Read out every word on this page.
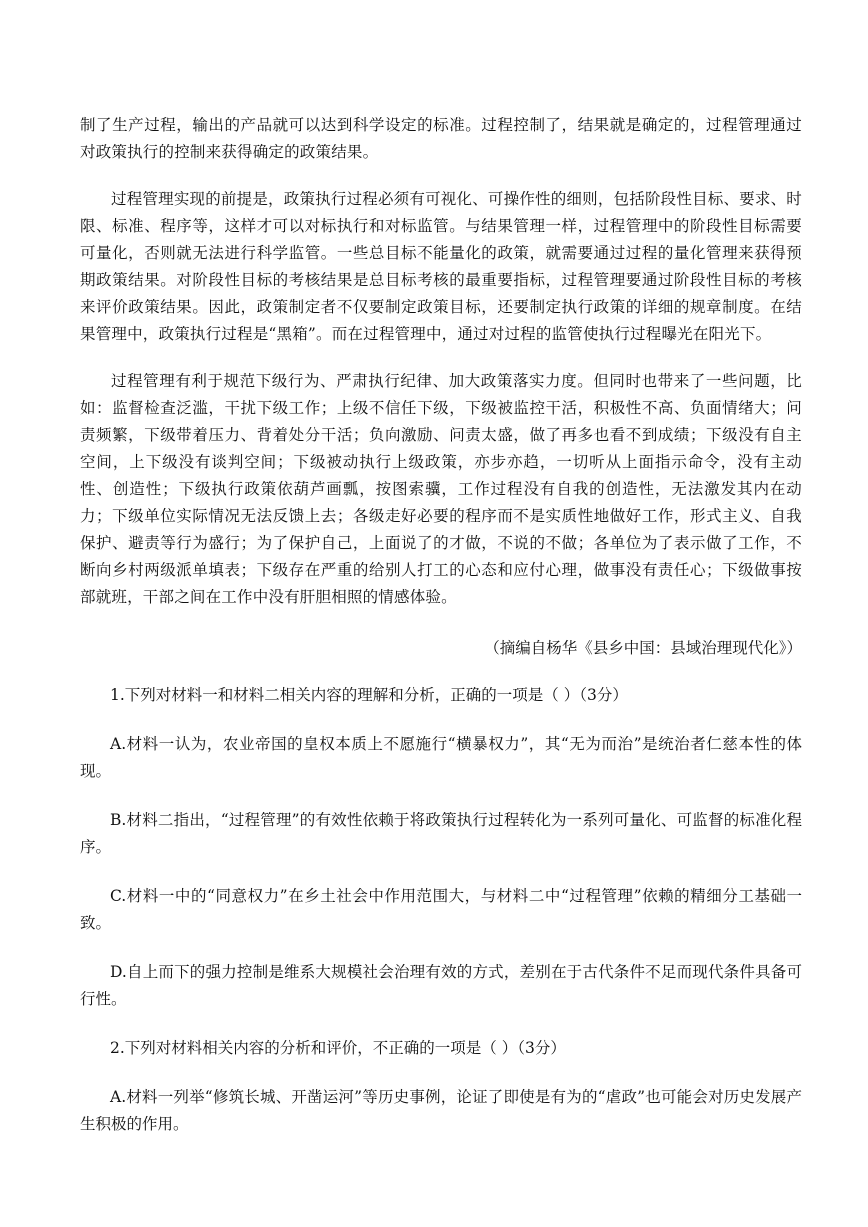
制了生产过程，输出的产品就可以达到科学设定的标准。过程控制了，结果就是确定的，过程管理通过对政策执行的控制来获得确定的政策结果。

过程管理实现的前提是，政策执行过程必须有可视化、可操作性的细则，包括阶段性目标、要求、时限、标准、程序等，这样才可以对标执行和对标监管。与结果管理一样，过程管理中的阶段性目标需要可量化，否则就无法进行科学监管。一些总目标不能量化的政策，就需要通过过程的量化管理来获得预期政策结果。对阶段性目标的考核结果是总目标考核的最重要指标，过程管理要通过阶段性目标的考核来评价政策结果。因此，政策制定者不仅要制定政策目标，还要制定执行政策的详细的规章制度。在结果管理中，政策执行过程是“黑箱”。而在过程管理中，通过对过程的监管使执行过程曝光在阳光下。

过程管理有利于规范下级行为、严肃执行纪律、加大政策落实力度。但同时也带来了一些问题，比如：监督检查泛滥，干扰下级工作；上级不信任下级，下级被监控干活，积极性不高、负面情绪大；问责频繁，下级带着压力、背着处分干活；负向激励、问责太盛，做了再多也看不到成绩；下级没有自主空间，上下级没有谈判空间；下级被动执行上级政策，亦步亦趋，一切听从上面指示命令，没有主动性、创造性；下级执行政策依葫芦画瓢，按图索骥，工作过程没有自我的创造性，无法激发其内在动力；下级单位实际情况无法反馈上去；各级走好必要的程序而不是实质性地做好工作，形式主义、自我保护、避责等行为盛行；为了保护自己，上面说了的才做，不说的不做；各单位为了表示做了工作，不断向乡村两级派单填表；下级存在严重的给别人打工的心态和应付心理，做事没有责任心；下级做事按部就班，干部之间在工作中没有肝胆相照的情感体验。

（摘编自杨华《县乡中国：县域治理现代化》）

1.下列对材料一和材料二相关内容的理解和分析，正确的一项是（ ）（3分）

A.材料一认为，农业帝国的皇权本质上不愿施行“横暴权力”，其“无为而治”是统治者仁慈本性的体现。

B.材料二指出，“过程管理”的有效性依赖于将政策执行过程转化为一系列可量化、可监督的标准化程序。

C.材料一中的“同意权力”在乡土社会中作用范围大，与材料二中“过程管理”依赖的精细分工基础一致。

D.自上而下的强力控制是维系大规模社会治理有效的方式，差别在于古代条件不足而现代条件具备可行性。

2.下列对材料相关内容的分析和评价，不正确的一项是（ ）（3分）

A.材料一列举“修筑长城、开凿运河”等历史事例，论证了即使是有为的“虐政”也可能会对历史发展产生积极的作用。
